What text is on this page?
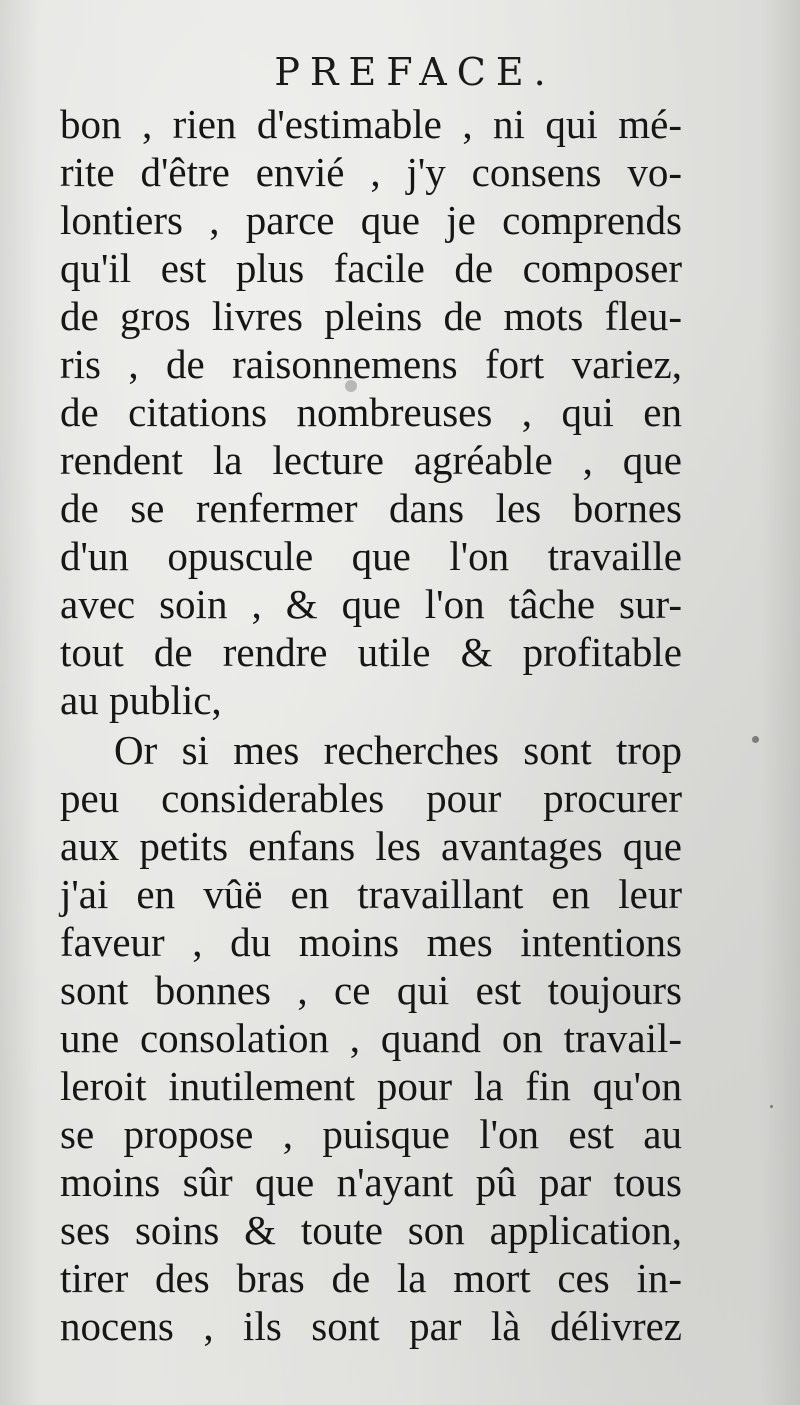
PREFACE.
bon , rien d'estimable , ni qui mé-
rite d'être envié , j'y consens vo-
lontiers , parce que je comprends
qu'il est plus facile de composer
de gros livres pleins de mots fleu-
ris , de raisonnemens fort variez,
de citations nombreuses , qui en
rendent la lecture agréable , que
de se renfermer dans les bornes
d'un opuscule que l'on travaille
avec soin , & que l'on tâche sur-
tout de rendre utile & profitable
au public,
Or si mes recherches sont trop
peu considerables pour procurer
aux petits enfans les avantages que
j'ai en vûë en travaillant en leur
faveur , du moins mes intentions
sont bonnes , ce qui est toujours
une consolation , quand on travail-
leroit inutilement pour la fin qu'on
se propose , puisque l'on est au
moins sûr que n'ayant pû par tous
ses soins & toute son application,
tirer des bras de la mort ces in-
nocens , ils sont par là délivrez
